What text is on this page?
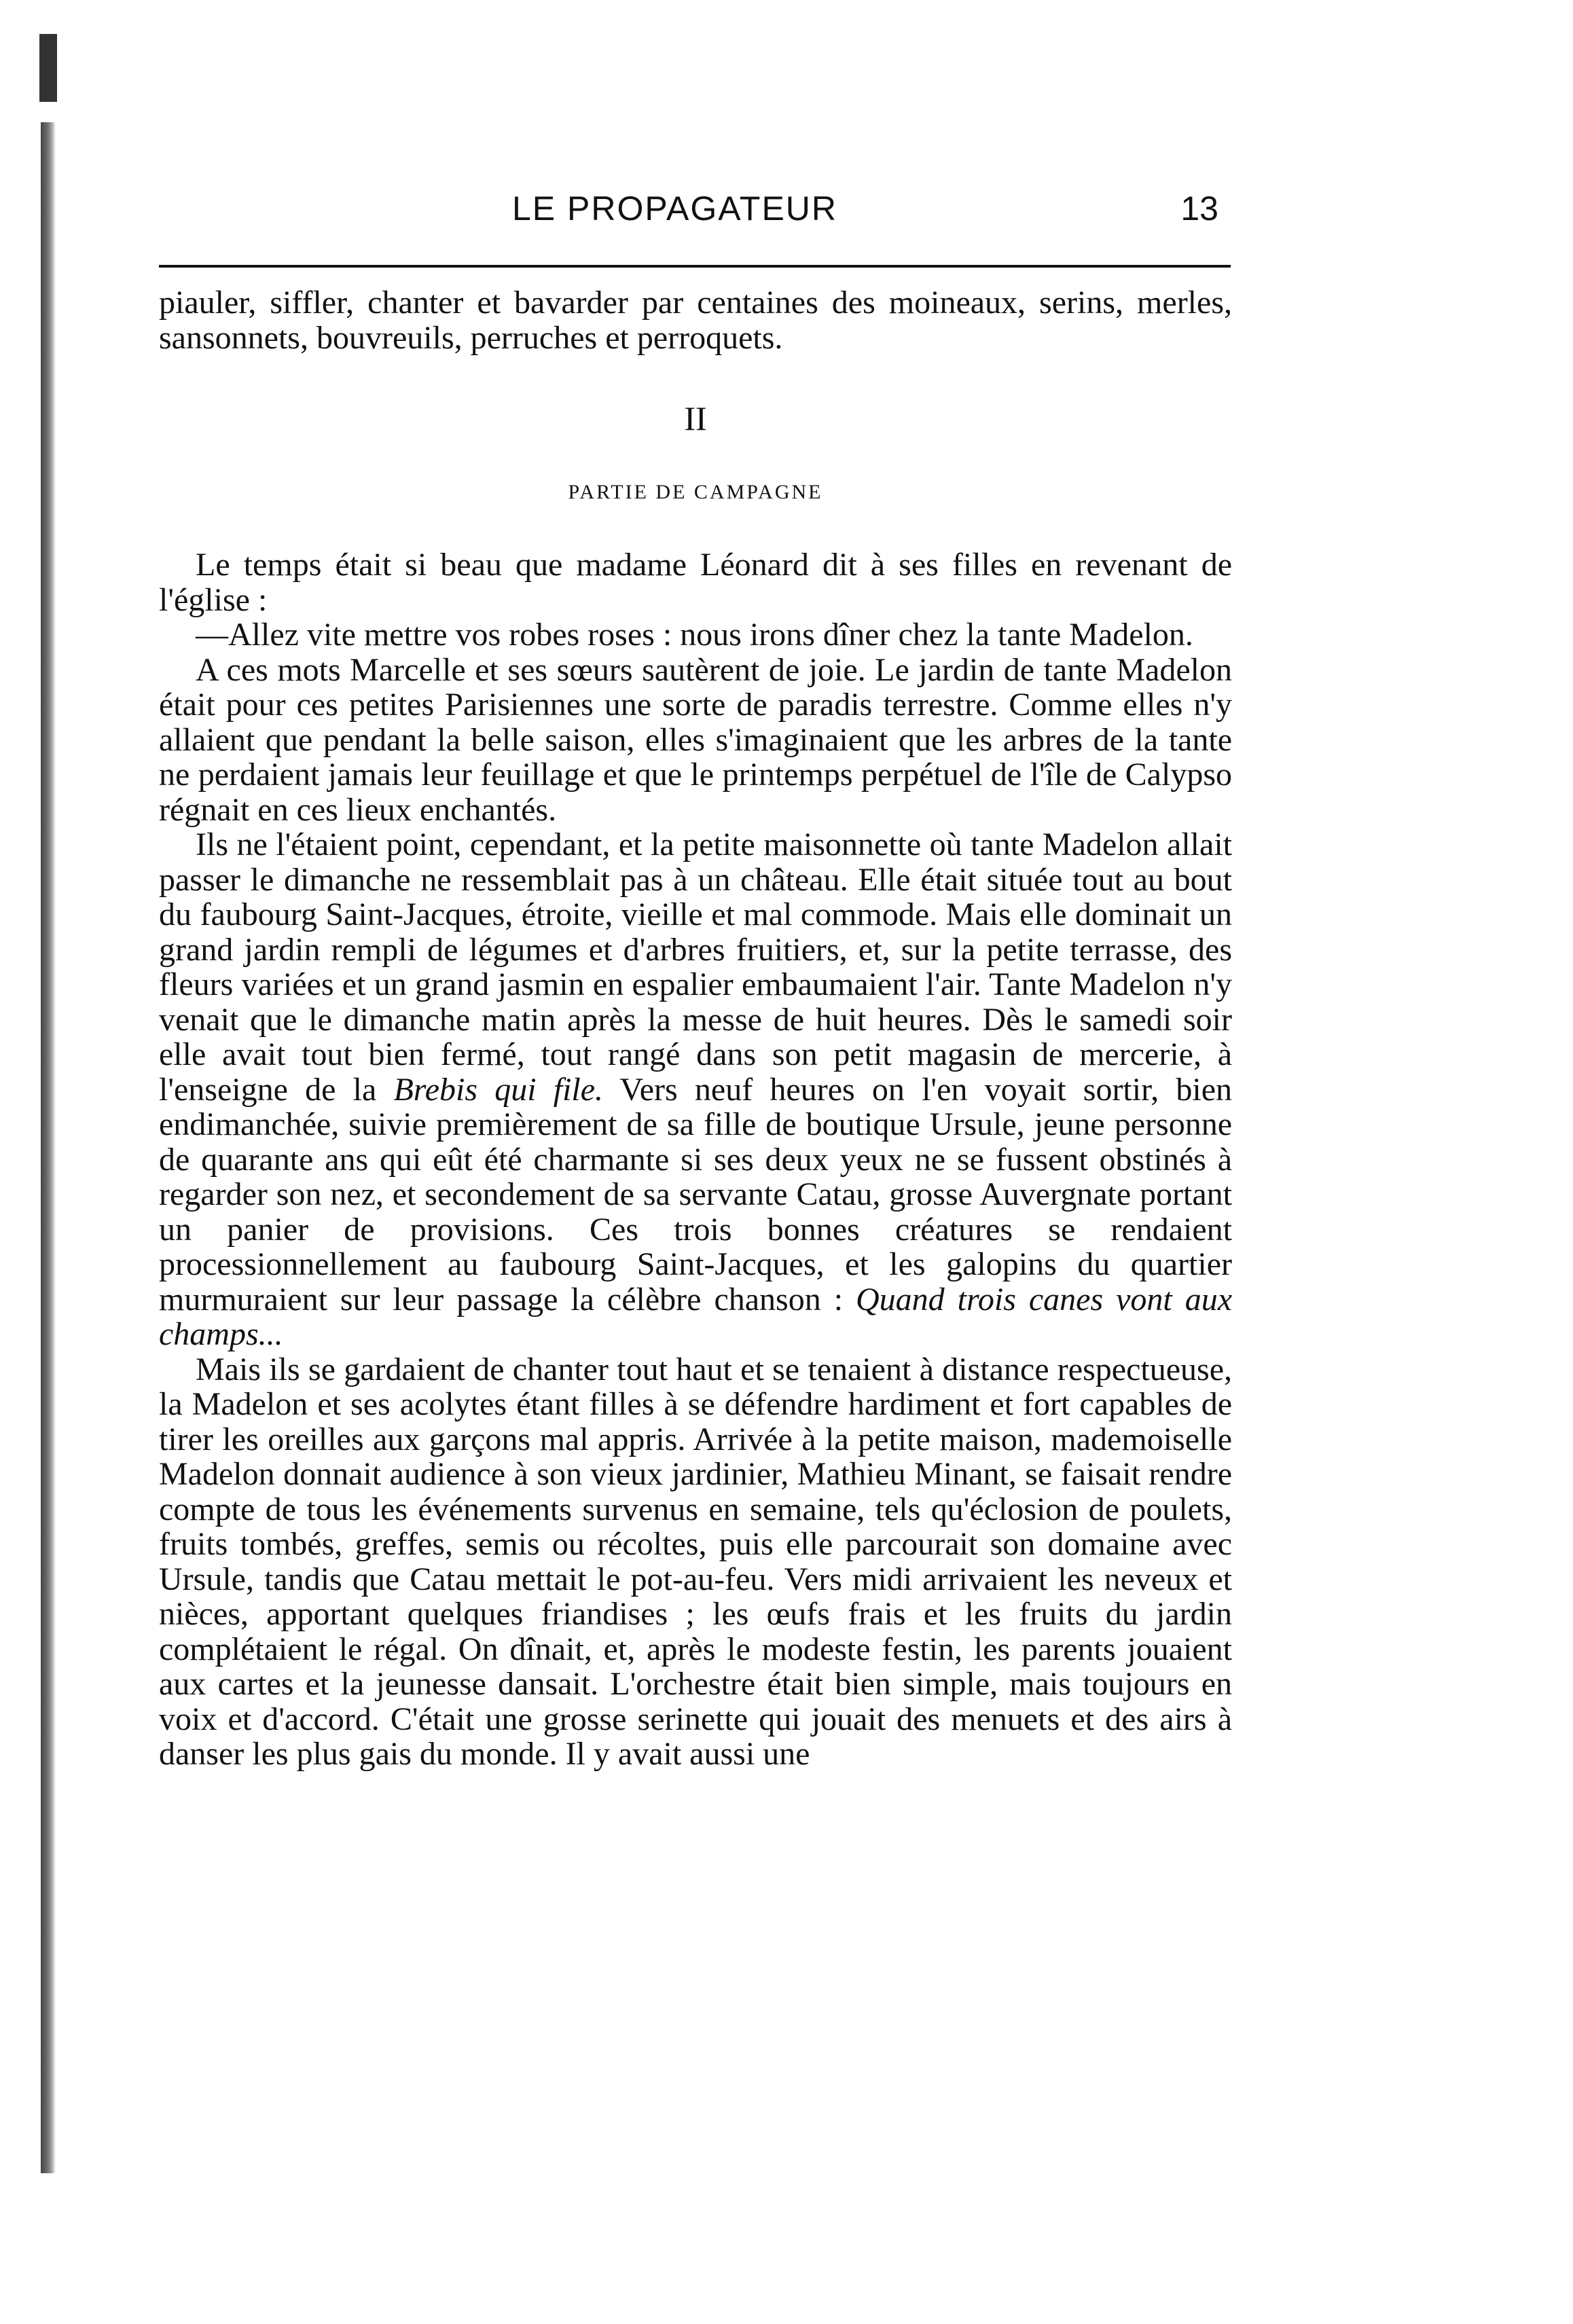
LE PROPAGATEUR	13

piauler, siffler, chanter et bavarder par centaines des moineaux, serins, merles, sansonnets, bouvreuils, perruches et perroquets.

II
PARTIE DE CAMPAGNE

Le temps était si beau que madame Léonard dit à ses filles en revenant de l'église :

—Allez vite mettre vos robes roses : nous irons dîner chez la tante Madelon.

A ces mots Marcelle et ses sœurs sautèrent de joie. Le jardin de tante Madelon était pour ces petites Parisiennes une sorte de paradis terrestre. Comme elles n'y allaient que pendant la belle saison, elles s'imaginaient que les arbres de la tante ne perdaient jamais leur feuillage et que le printemps perpétuel de l'île de Calypso régnait en ces lieux enchantés.

Ils ne l'étaient point, cependant, et la petite maisonnette où tante Madelon allait passer le dimanche ne ressemblait pas à un château. Elle était située tout au bout du faubourg Saint-Jacques, étroite, vieille et mal commode. Mais elle dominait un grand jardin rempli de légumes et d'arbres fruitiers, et, sur la petite terrasse, des fleurs variées et un grand jasmin en espalier embaumaient l'air. Tante Madelon n'y venait que le dimanche matin après la messe de huit heures. Dès le samedi soir elle avait tout bien fermé, tout rangé dans son petit magasin de mercerie, à l'enseigne de la Brebis qui file. Vers neuf heures on l'en voyait sortir, bien endimanchée, suivie premièrement de sa fille de boutique Ursule, jeune personne de quarante ans qui eût été charmante si ses deux yeux ne se fussent obstinés à regarder son nez, et secondement de sa servante Catau, grosse Auvergnate portant un panier de provisions. Ces trois bonnes créatures se rendaient processionnellement au faubourg Saint-Jacques, et les galopins du quartier murmuraient sur leur passage la célèbre chanson : Quand trois canes vont aux champs...

Mais ils se gardaient de chanter tout haut et se tenaient à distance respectueuse, la Madelon et ses acolytes étant filles à se défendre hardiment et fort capables de tirer les oreilles aux garçons mal appris. Arrivée à la petite maison, mademoiselle Madelon donnait audience à son vieux jardinier, Mathieu Minant, se faisait rendre compte de tous les événements survenus en semaine, tels qu'éclosion de poulets, fruits tombés, greffes, semis ou récoltes, puis elle parcourait son domaine avec Ursule, tandis que Catau mettait le pot-au-feu. Vers midi arrivaient les neveux et nièces, apportant quelques friandises ; les œufs frais et les fruits du jardin complétaient le régal. On dînait, et, après le modeste festin, les parents jouaient aux cartes et la jeunesse dansait. L'orchestre était bien simple, mais toujours en voix et d'accord. C'était une grosse serinette qui jouait des menuets et des airs à danser les plus gais du monde. Il y avait aussi une
